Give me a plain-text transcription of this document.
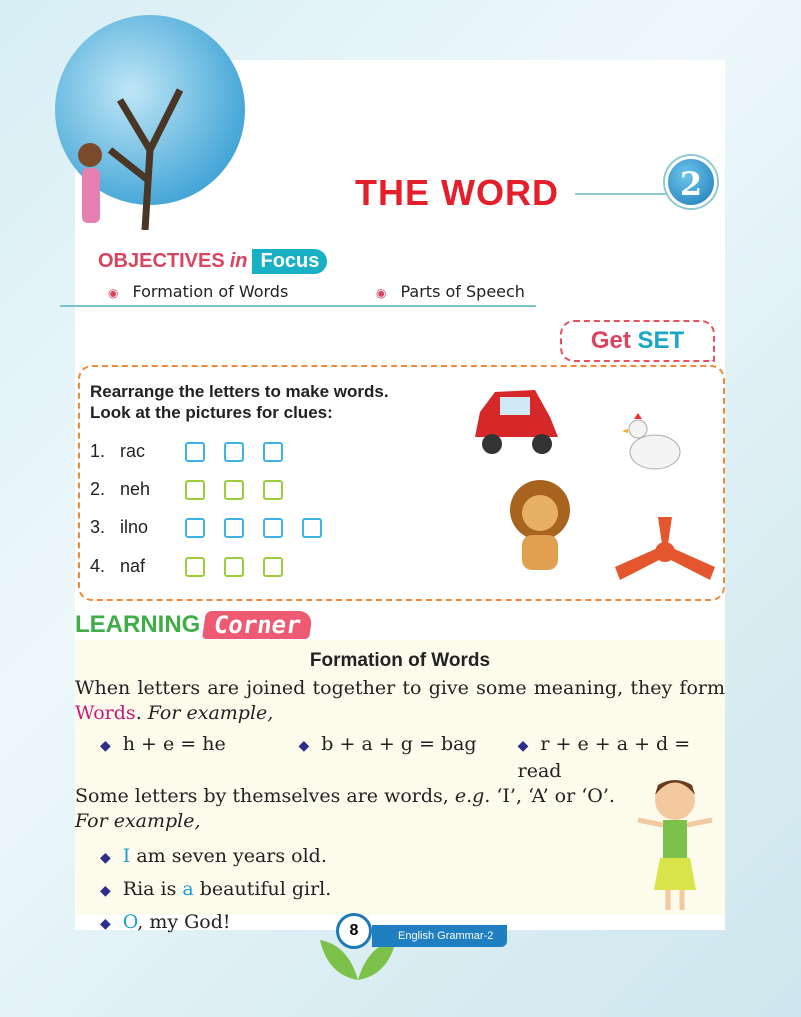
THE WORD	2
OBJECTIVES in Focus
◉ Formation of Words	◉ Parts of Speech
Get SET
Rearrange the letters to make words.
Look at the pictures for clues:
1. rac
2. neh
3. ilno
4. naf
LEARNING Corner
Formation of Words
When letters are joined together to give some meaning, they form
Words. For example,
◆ h + e = he	◆ b + a + g = bag	◆ r + e + a + d = read
Some letters by themselves are words, e.g. ‘I’, ‘A’ or ‘O’.
For example,
◆ I am seven years old.
◆ Ria is a beautiful girl.
◆ O, my God!
English Grammar-2
8
